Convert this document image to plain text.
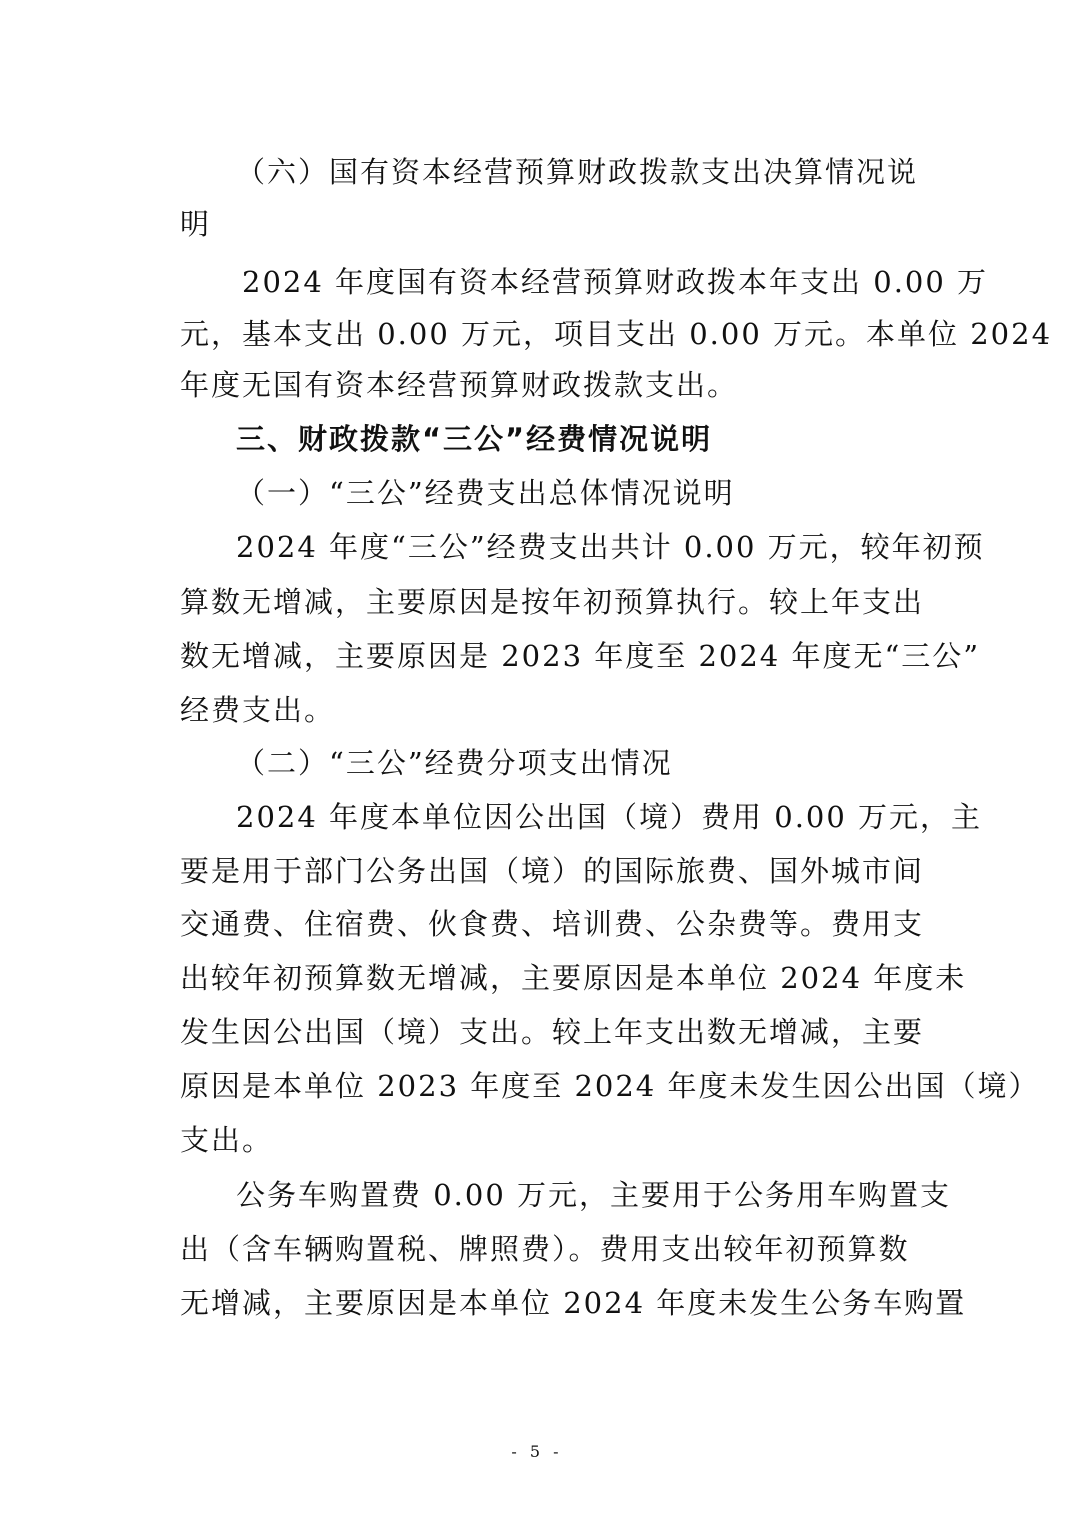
（六）国有资本经营预算财政拨款支出决算情况说
明
2024 年度国有资本经营预算财政拨本年支出 0.00 万
元，基本支出 0.00 万元，项目支出 0.00 万元。本单位 2024
年度无国有资本经营预算财政拨款支出。
三、财政拨款“三公”经费情况说明
（一）“三公”经费支出总体情况说明
2024 年度“三公”经费支出共计 0.00 万元，较年初预
算数无增减，主要原因是按年初预算执行。较上年支出
数无增减，主要原因是 2023 年度至 2024 年度无“三公”
经费支出。
（二）“三公”经费分项支出情况
2024 年度本单位因公出国（境）费用 0.00 万元，主
要是用于部门公务出国（境）的国际旅费、国外城市间
交通费、住宿费、伙食费、培训费、公杂费等。费用支
出较年初预算数无增减，主要原因是本单位 2024 年度未
发生因公出国（境）支出。较上年支出数无增减，主要
原因是本单位 2023 年度至 2024 年度未发生因公出国（境）
支出。
公务车购置费 0.00 万元，主要用于公务用车购置支
出（含车辆购置税、牌照费）。费用支出较年初预算数
无增减，主要原因是本单位 2024 年度未发生公务车购置
- 5 -
